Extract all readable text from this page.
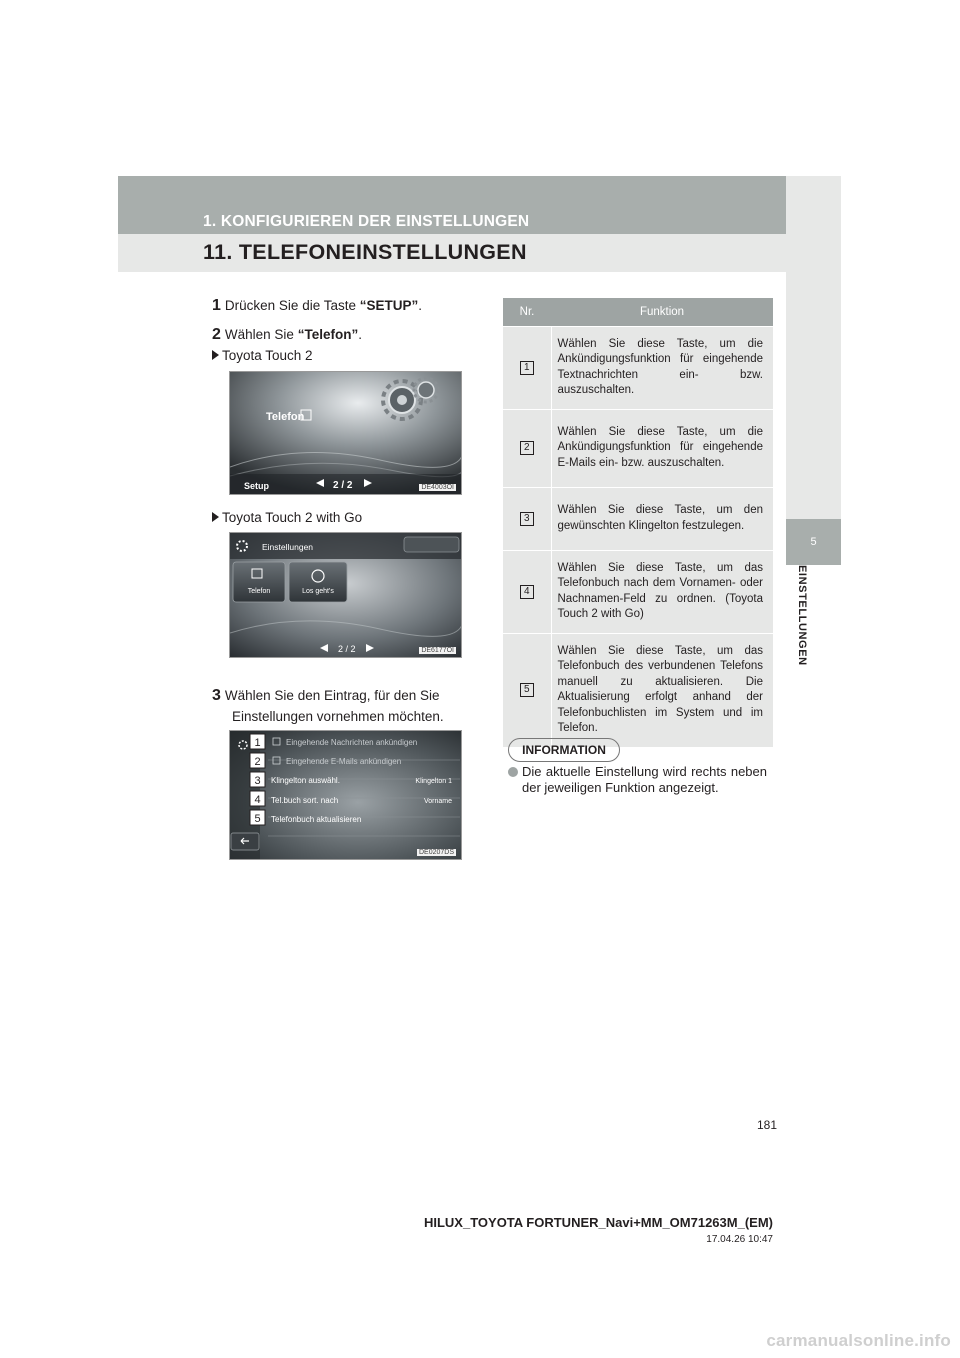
1. KONFIGURIEREN DER EINSTELLUNGEN
11. TELEFONEINSTELLUNGEN
5
EINSTELLUNGEN
1 Drücken Sie die Taste “SETUP”.
2 Wählen Sie “Telefon”.
Toyota Touch 2
Telefon
Setup	2 / 2	DE4003OI
Toyota Touch 2 with Go
Einstellungen
Telefon	Los geht's
2 / 2	DE6177OI
3 Wählen Sie den Eintrag, für den Sie
Einstellungen vornehmen möchten.
Eingehende Nachrichten ankündigen
Eingehende E-Mails ankündigen
Klingelton auswähl.	Klingelton 1
Tel.buch sort. nach	Vorname
Telefonbuch aktualisieren
1
2
3
4
5
DE0207DS
Nr.	Funktion
1	Wählen Sie diese Taste, um die Ankündigungsfunktion für eingehende Textnachrichten ein- bzw. auszuschalten.
2	Wählen Sie diese Taste, um die Ankündigungsfunktion für eingehende E-Mails ein- bzw. auszuschalten.
3	Wählen Sie diese Taste, um den gewünschten Klingelton festzulegen.
4	Wählen Sie diese Taste, um das Telefonbuch nach dem Vornamen- oder Nachnamen-Feld zu ordnen. (Toyota Touch 2 with Go)
5	Wählen Sie diese Taste, um das Telefonbuch des verbundenen Telefons manuell zu aktualisieren. Die Aktualisierung erfolgt anhand der Telefonbuchlisten im System und im Telefon.
INFORMATION
Die aktuelle Einstellung wird rechts neben der jeweiligen Funktion angezeigt.
181
HILUX_TOYOTA FORTUNER_Navi+MM_OM71263M_(EM)
17.04.26 10:47
carmanualsonline.info
